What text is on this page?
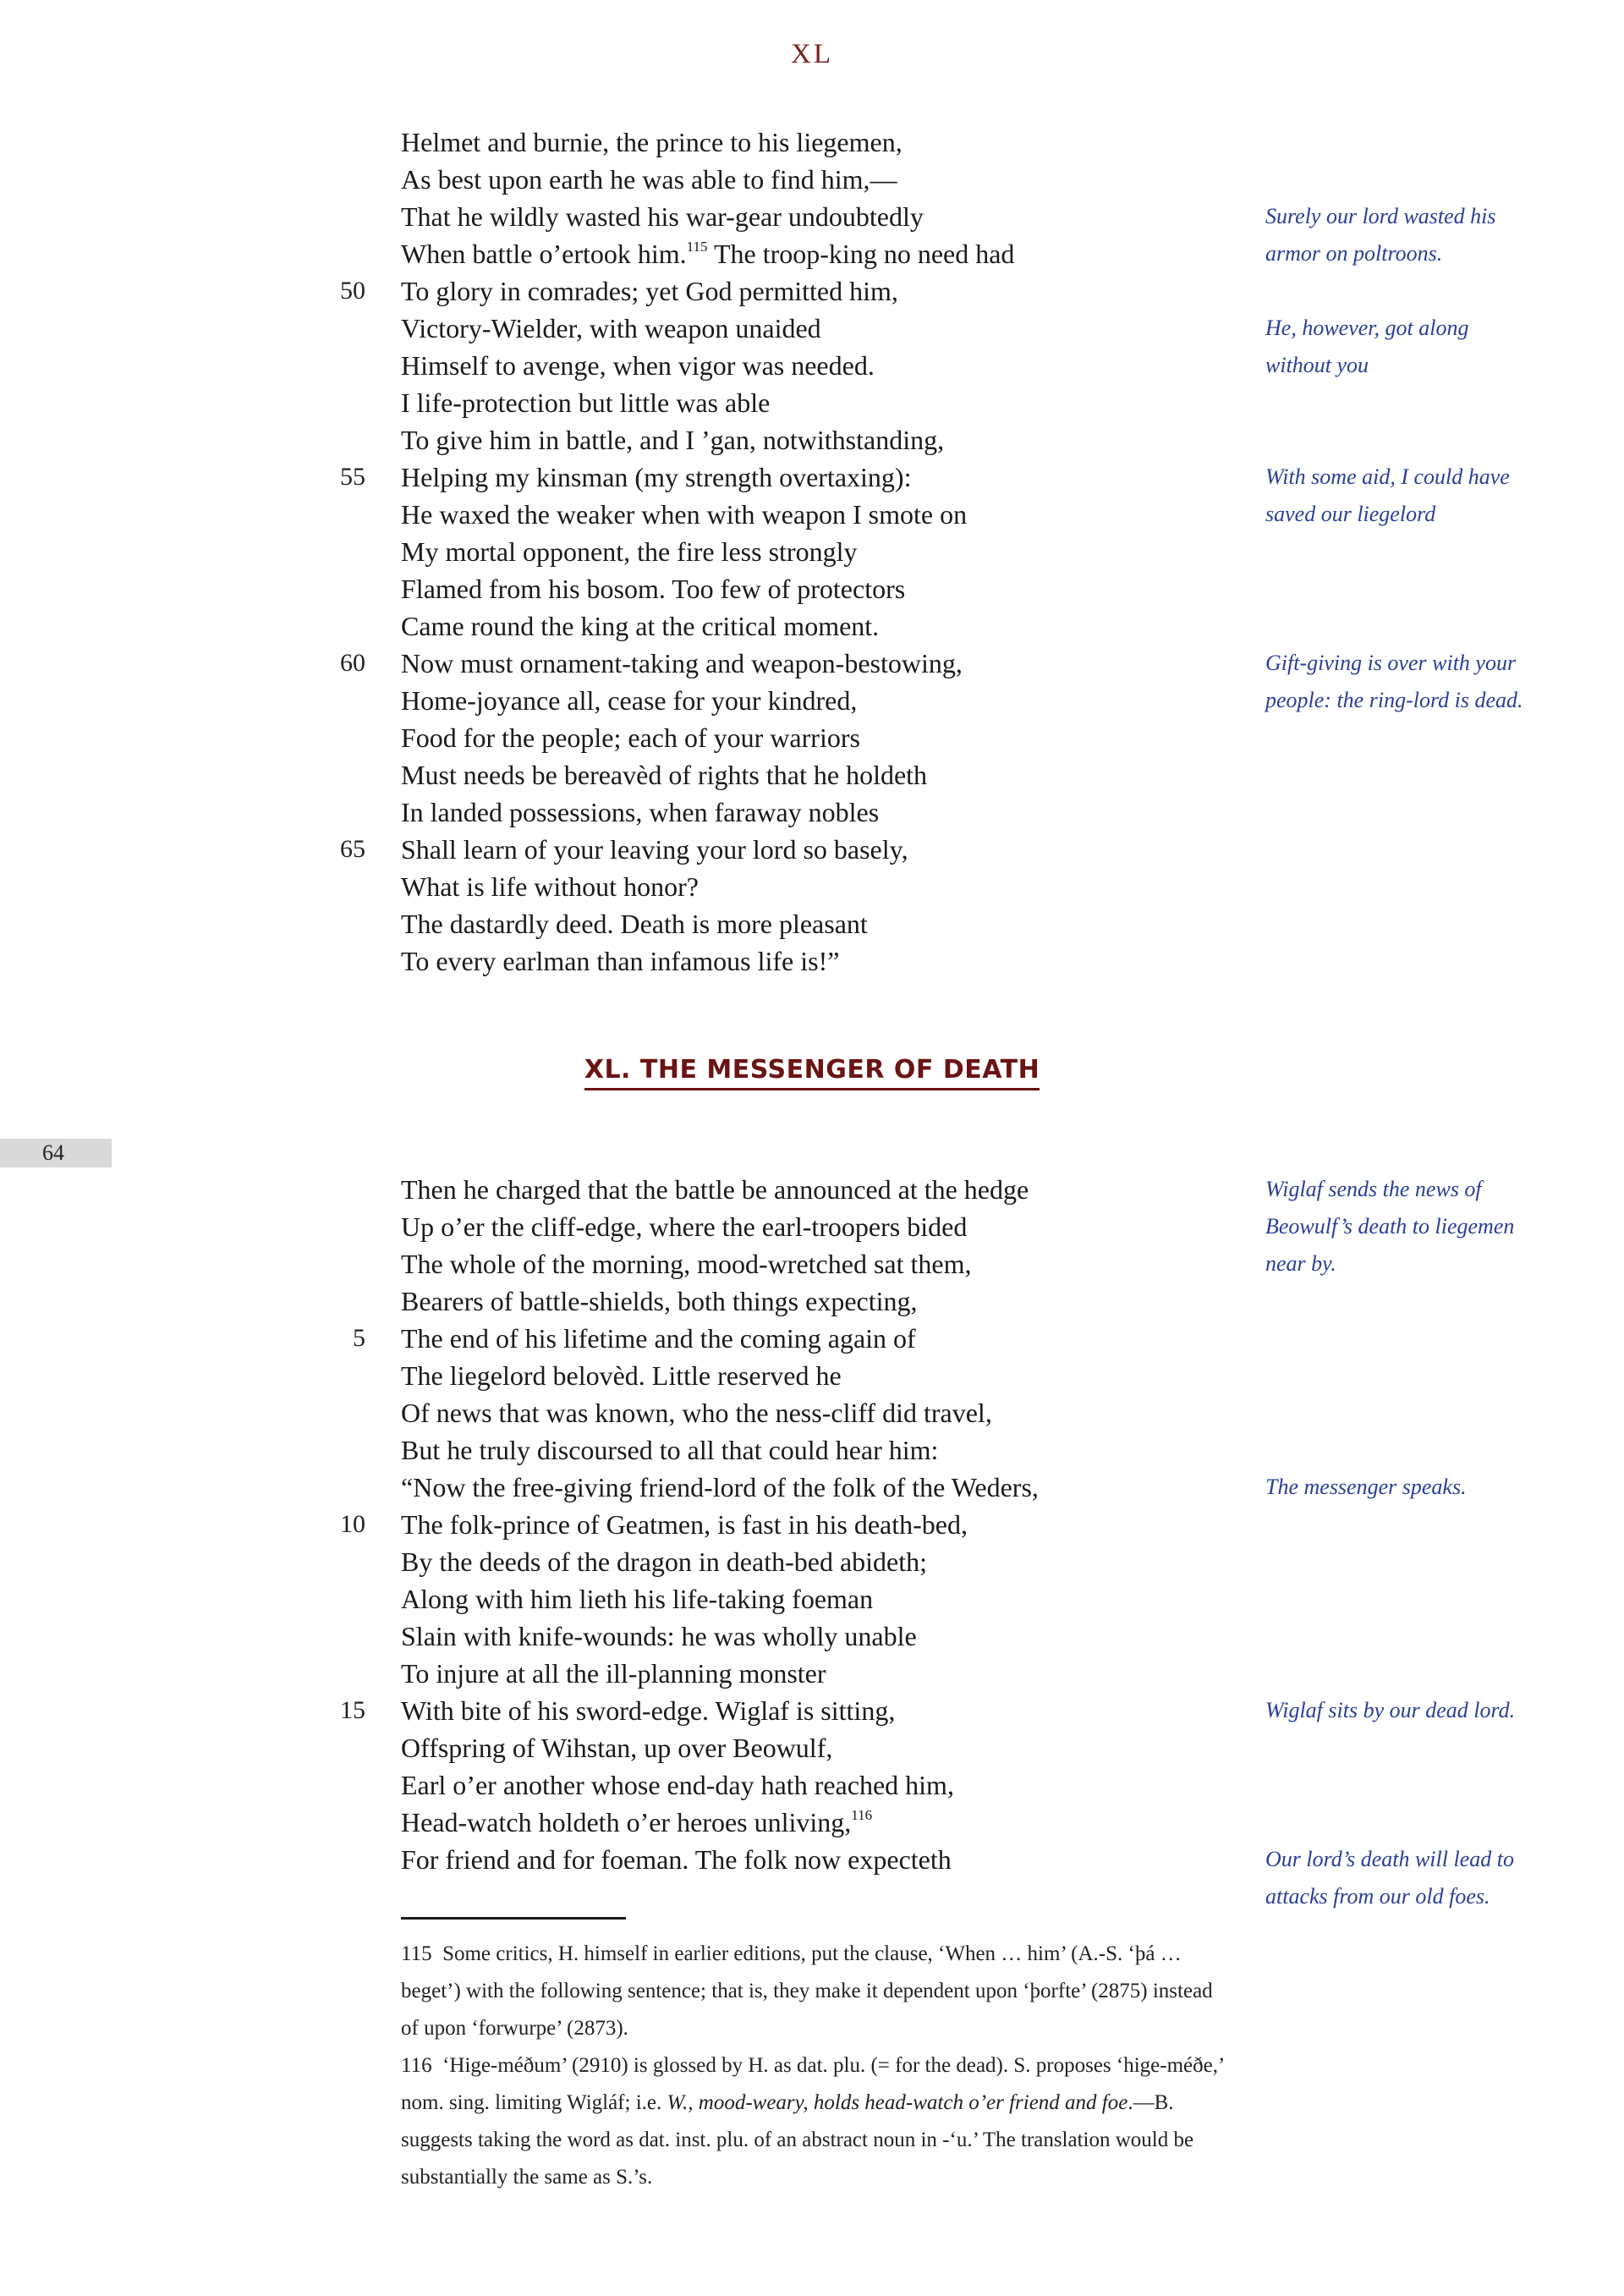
XL
Helmet and burnie, the prince to his liegemen,
As best upon earth he was able to find him,—
That he wildly wasted his war-gear undoubtedly
When battle o’ertook him.$^{115}$ The troop-king no need had
50 To glory in comrades; yet God permitted him,
Victory-Wielder, with weapon unaided
Himself to avenge, when vigor was needed.
I life-protection but little was able
To give him in battle, and I ’gan, notwithstanding,
55 Helping my kinsman (my strength overtaxing):
He waxed the weaker when with weapon I smote on
My mortal opponent, the fire less strongly
Flamed from his bosom. Too few of protectors
Came round the king at the critical moment.
60 Now must ornament-taking and weapon-bestowing,
Home-joyance all, cease for your kindred,
Food for the people; each of your warriors
Must needs be bereavèd of rights that he holdeth
In landed possessions, when faraway nobles
65 Shall learn of your leaving your lord so basely,
What is life without honor?
The dastardly deed. Death is more pleasant
To every earlman than infamous life is!”
Surely our lord wasted his
armor on poltroons.
He, however, got along
without you
With some aid, I could have
saved our liegelord
Gift-giving is over with your
people: the ring-lord is dead.
XL. THE MESSENGER OF DEATH
64
Then he charged that the battle be announced at the hedge
Up o’er the cliff-edge, where the earl-troopers bided
The whole of the morning, mood-wretched sat them,
Bearers of battle-shields, both things expecting,
5 The end of his lifetime and the coming again of
The liegelord belovèd. Little reserved he
Of news that was known, who the ness-cliff did travel,
But he truly discoursed to all that could hear him:
“Now the free-giving friend-lord of the folk of the Weders,
10 The folk-prince of Geatmen, is fast in his death-bed,
By the deeds of the dragon in death-bed abideth;
Along with him lieth his life-taking foeman
Slain with knife-wounds: he was wholly unable
To injure at all the ill-planning monster
15 With bite of his sword-edge. Wiglaf is sitting,
Offspring of Wihstan, up over Beowulf,
Earl o’er another whose end-day hath reached him,
Head-watch holdeth o’er heroes unliving,$^{116}$
For friend and for foeman. The folk now expecteth
Wiglaf sends the news of
Beowulf’s death to liegemen
near by.
The messenger speaks.
Wiglaf sits by our dead lord.
Our lord’s death will lead to
attacks from our old foes.

115 Some critics, H. himself in earlier editions, put the clause, ‘When … him’ (A.-S. ‘þá … beget’) with the following sentence; that is, they make it dependent upon ‘þorfte’ (2875) instead of upon ‘forwurpe’ (2873).

116 ‘Hige-méðum’ (2910) is glossed by H. as dat. plu. (= for the dead). S. proposes ‘hige-méðe,’ nom. sing. limiting Wigláf; i.e. W., mood-weary, holds head-watch o’er friend and foe.—B. suggests taking the word as dat. inst. plu. of an abstract noun in -‘u.’ The translation would be substantially the same as S.’s.
